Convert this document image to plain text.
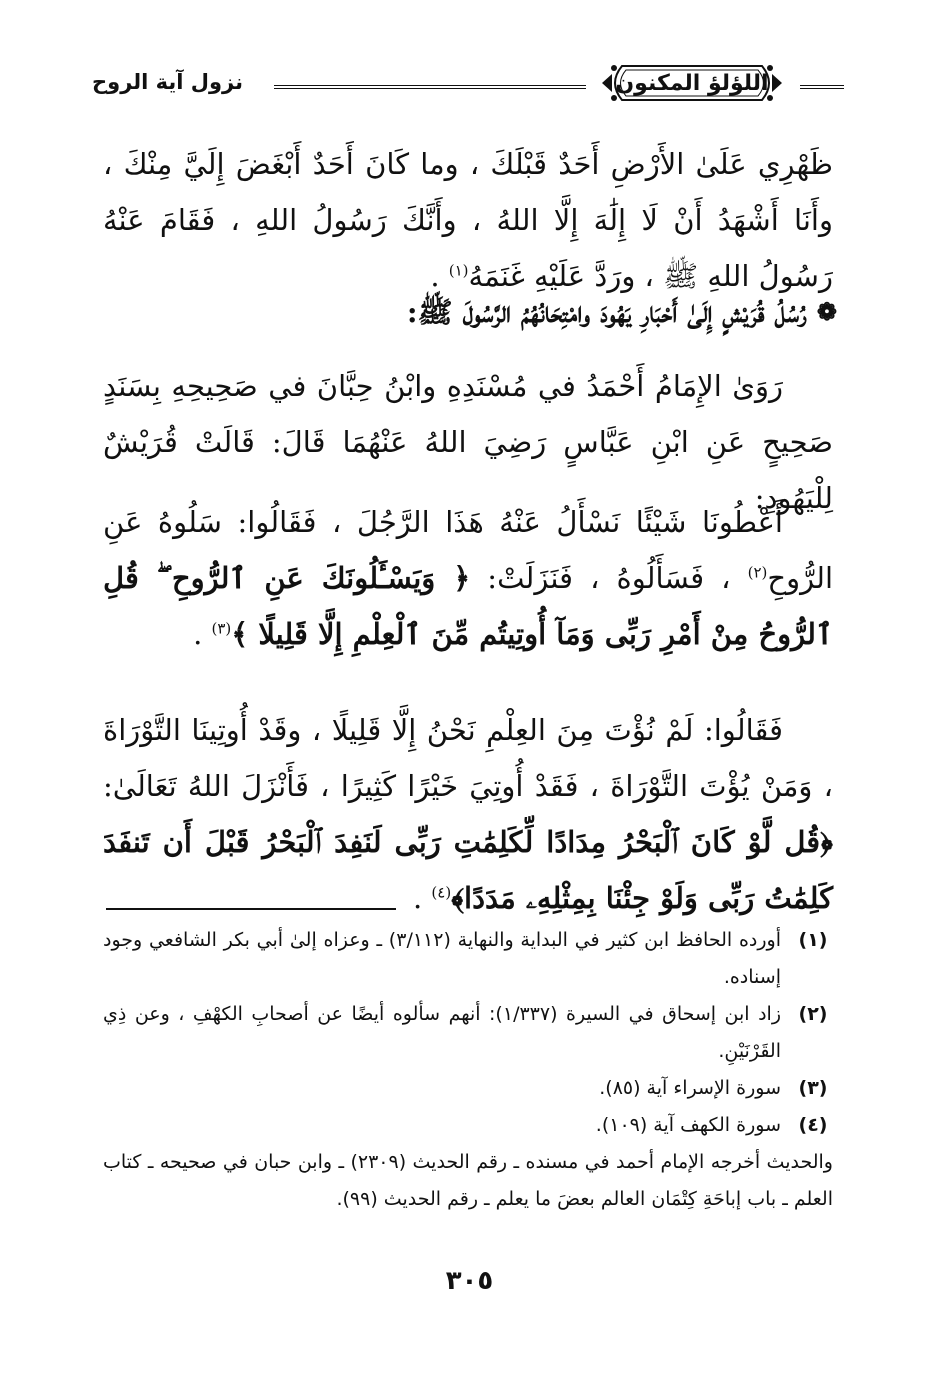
اللؤلؤ المكنون
نزول آية الروح
ظَهْرِي عَلَىٰ الأَرْضِ أَحَدٌ قَبْلَكَ ، وما كَانَ أَحَدٌ أَبْغَضَ إِلَيَّ مِنْكَ ، وأَنَا أَشْهَدُ أَنْ لَا إِلَٰهَ إِلَّا اللهُ ، وأَنَّكَ رَسُولُ اللهِ ، فَقَامَ عَنْهُ رَسُولُ اللهِ ﷺ ، ورَدَّ عَلَيْهِ غَنَمَهُ$^{(١)}$ .
❁
رُسُلُ قُرَيْشٍ إِلَىٰ أَحْبَارِ يَهُودَ وامْتِحَانُهُمُ الرَّسُولَ ﷺ:
رَوَىٰ الإِمَامُ أَحْمَدُ في مُسْنَدِهِ وابْنُ حِبَّانَ في صَحِيحِهِ بِسَنَدٍ صَحِيحٍ عَنِ ابْنِ عَبَّاسٍ رَضِيَ اللهُ عَنْهُمَا قَالَ: قَالَتْ قُرَيْشٌ لِلْيَهُودِ:
أَعْطُونَا شَيْئًا نَسْأَلُ عَنْهُ هَذَا الرَّجُلَ ، فَقَالُوا: سَلُوهُ عَنِ الرُّوحِ$^{(٢)}$ ، فَسَأَلُوهُ ، فَنَزَلَتْ: ﴿ وَيَسْـَٔلُونَكَ عَنِ ٱلرُّوحِ ۖ قُلِ ٱلرُّوحُ مِنْ أَمْرِ رَبِّى وَمَآ أُوتِيتُم مِّنَ ٱلْعِلْمِ إِلَّا قَلِيلًا ﴾$^{(٣)}$ .
فَقَالُوا: لَمْ نُؤْتَ مِنَ العِلْمِ نَحْنُ إِلَّا قَلِيلًا ، وقَدْ أُوتِينَا التَّوْرَاةَ ، وَمَنْ يُؤْتَ التَّوْرَاةَ ، فَقَدْ أُوتِيَ خَيْرًا كَثِيرًا ، فَأَنْزَلَ اللهُ تَعَالَىٰ: ﴿قُل لَّوْ كَانَ ٱلْبَحْرُ مِدَادًا لِّكَلِمَٰتِ رَبِّى لَنَفِدَ ٱلْبَحْرُ قَبْلَ أَن تَنفَدَ كَلِمَٰتُ رَبِّى وَلَوْ جِئْنَا بِمِثْلِهِۦ مَدَدًا﴾$^{(٤)}$ .
(١)
أورده الحافظ ابن كثير في البداية والنهاية (٣/١١٢) ـ وعزاه إلىٰ أبي بكر الشافعي وجود إسناده.
(٢)
زاد ابن إسحاق في السيرة (١/٣٣٧): أنهم سألوه أيضًا عن أصحابِ الكهْفِ ، وعن ذِي القَرْنَيْنِ.
(٣)
سورة الإسراء آية (٨٥).
(٤)
سورة الكهف آية (١٠٩).
والحديث أخرجه الإمام أحمد في مسنده ـ رقم الحديث (٢٣٠٩) ـ وابن حبان في صحيحه ـ كتاب العلم ـ باب إباحَةِ كِتْمَان العالم بعضَ ما يعلم ـ رقم الحديث (٩٩).
٣٠٥
